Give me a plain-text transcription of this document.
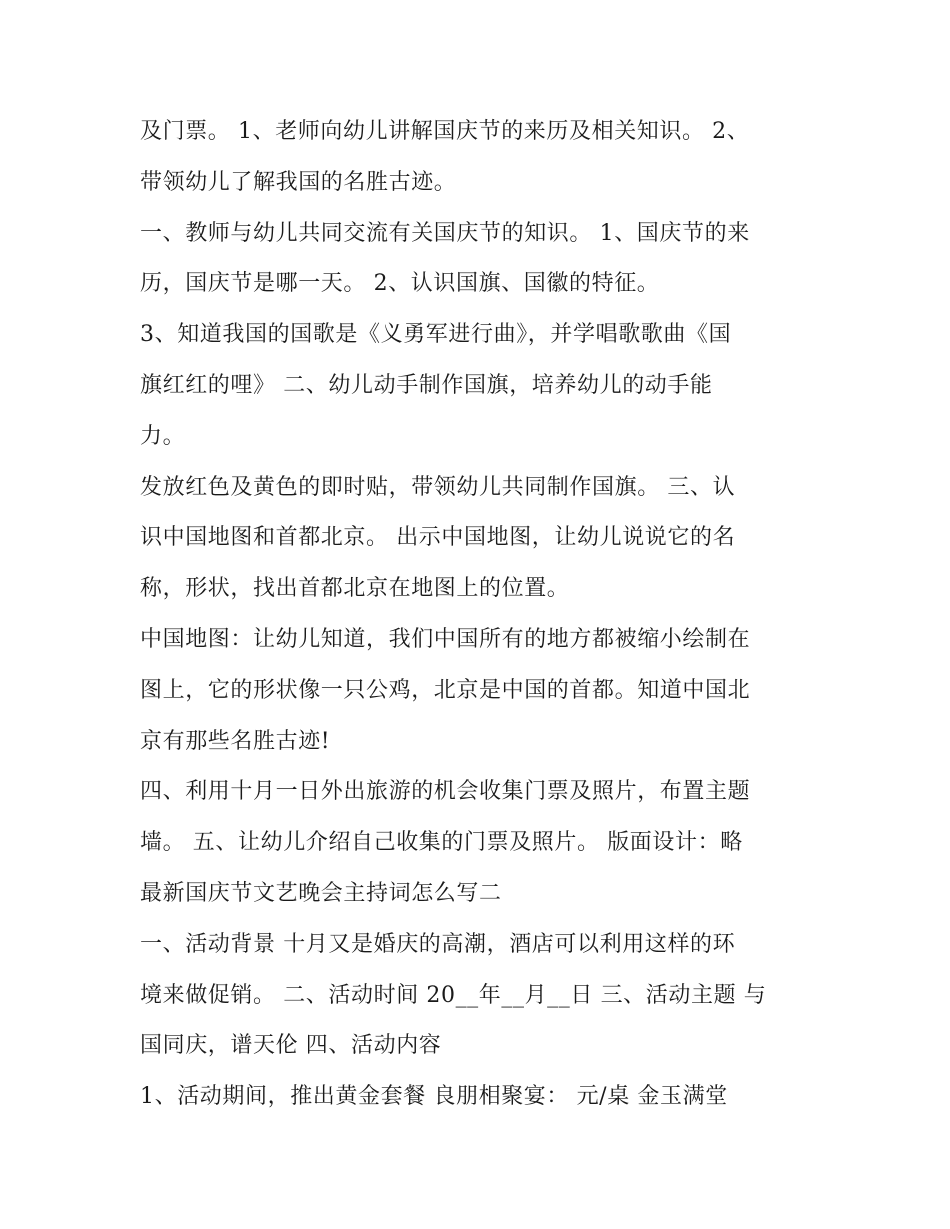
及门票。 1、老师向幼儿讲解国庆节的来历及相关知识。 2、
带领幼儿了解我国的名胜古迹。
一、教师与幼儿共同交流有关国庆节的知识。 1、国庆节的来
历，国庆节是哪一天。 2、认识国旗、国徽的特征。
3、知道我国的国歌是《义勇军进行曲》，并学唱歌歌曲《国
旗红红的哩》 二、幼儿动手制作国旗，培养幼儿的动手能
力。
发放红色及黄色的即时贴，带领幼儿共同制作国旗。 三、认
识中国地图和首都北京。 出示中国地图，让幼儿说说它的名
称，形状，找出首都北京在地图上的位置。
中国地图：让幼儿知道，我们中国所有的地方都被缩小绘制在
图上，它的形状像一只公鸡，北京是中国的首都。知道中国北
京有那些名胜古迹!
四、利用十月一日外出旅游的机会收集门票及照片，布置主题
墙。 五、让幼儿介绍自己收集的门票及照片。 版面设计：略
最新国庆节文艺晚会主持词怎么写二
一、活动背景 十月又是婚庆的高潮，酒店可以利用这样的环
境来做促销。 二、活动时间 20__年__月__日 三、活动主题 与
国同庆，谱天伦 四、活动内容
1、活动期间，推出黄金套餐 良朋相聚宴： 元/桌 金玉满堂
